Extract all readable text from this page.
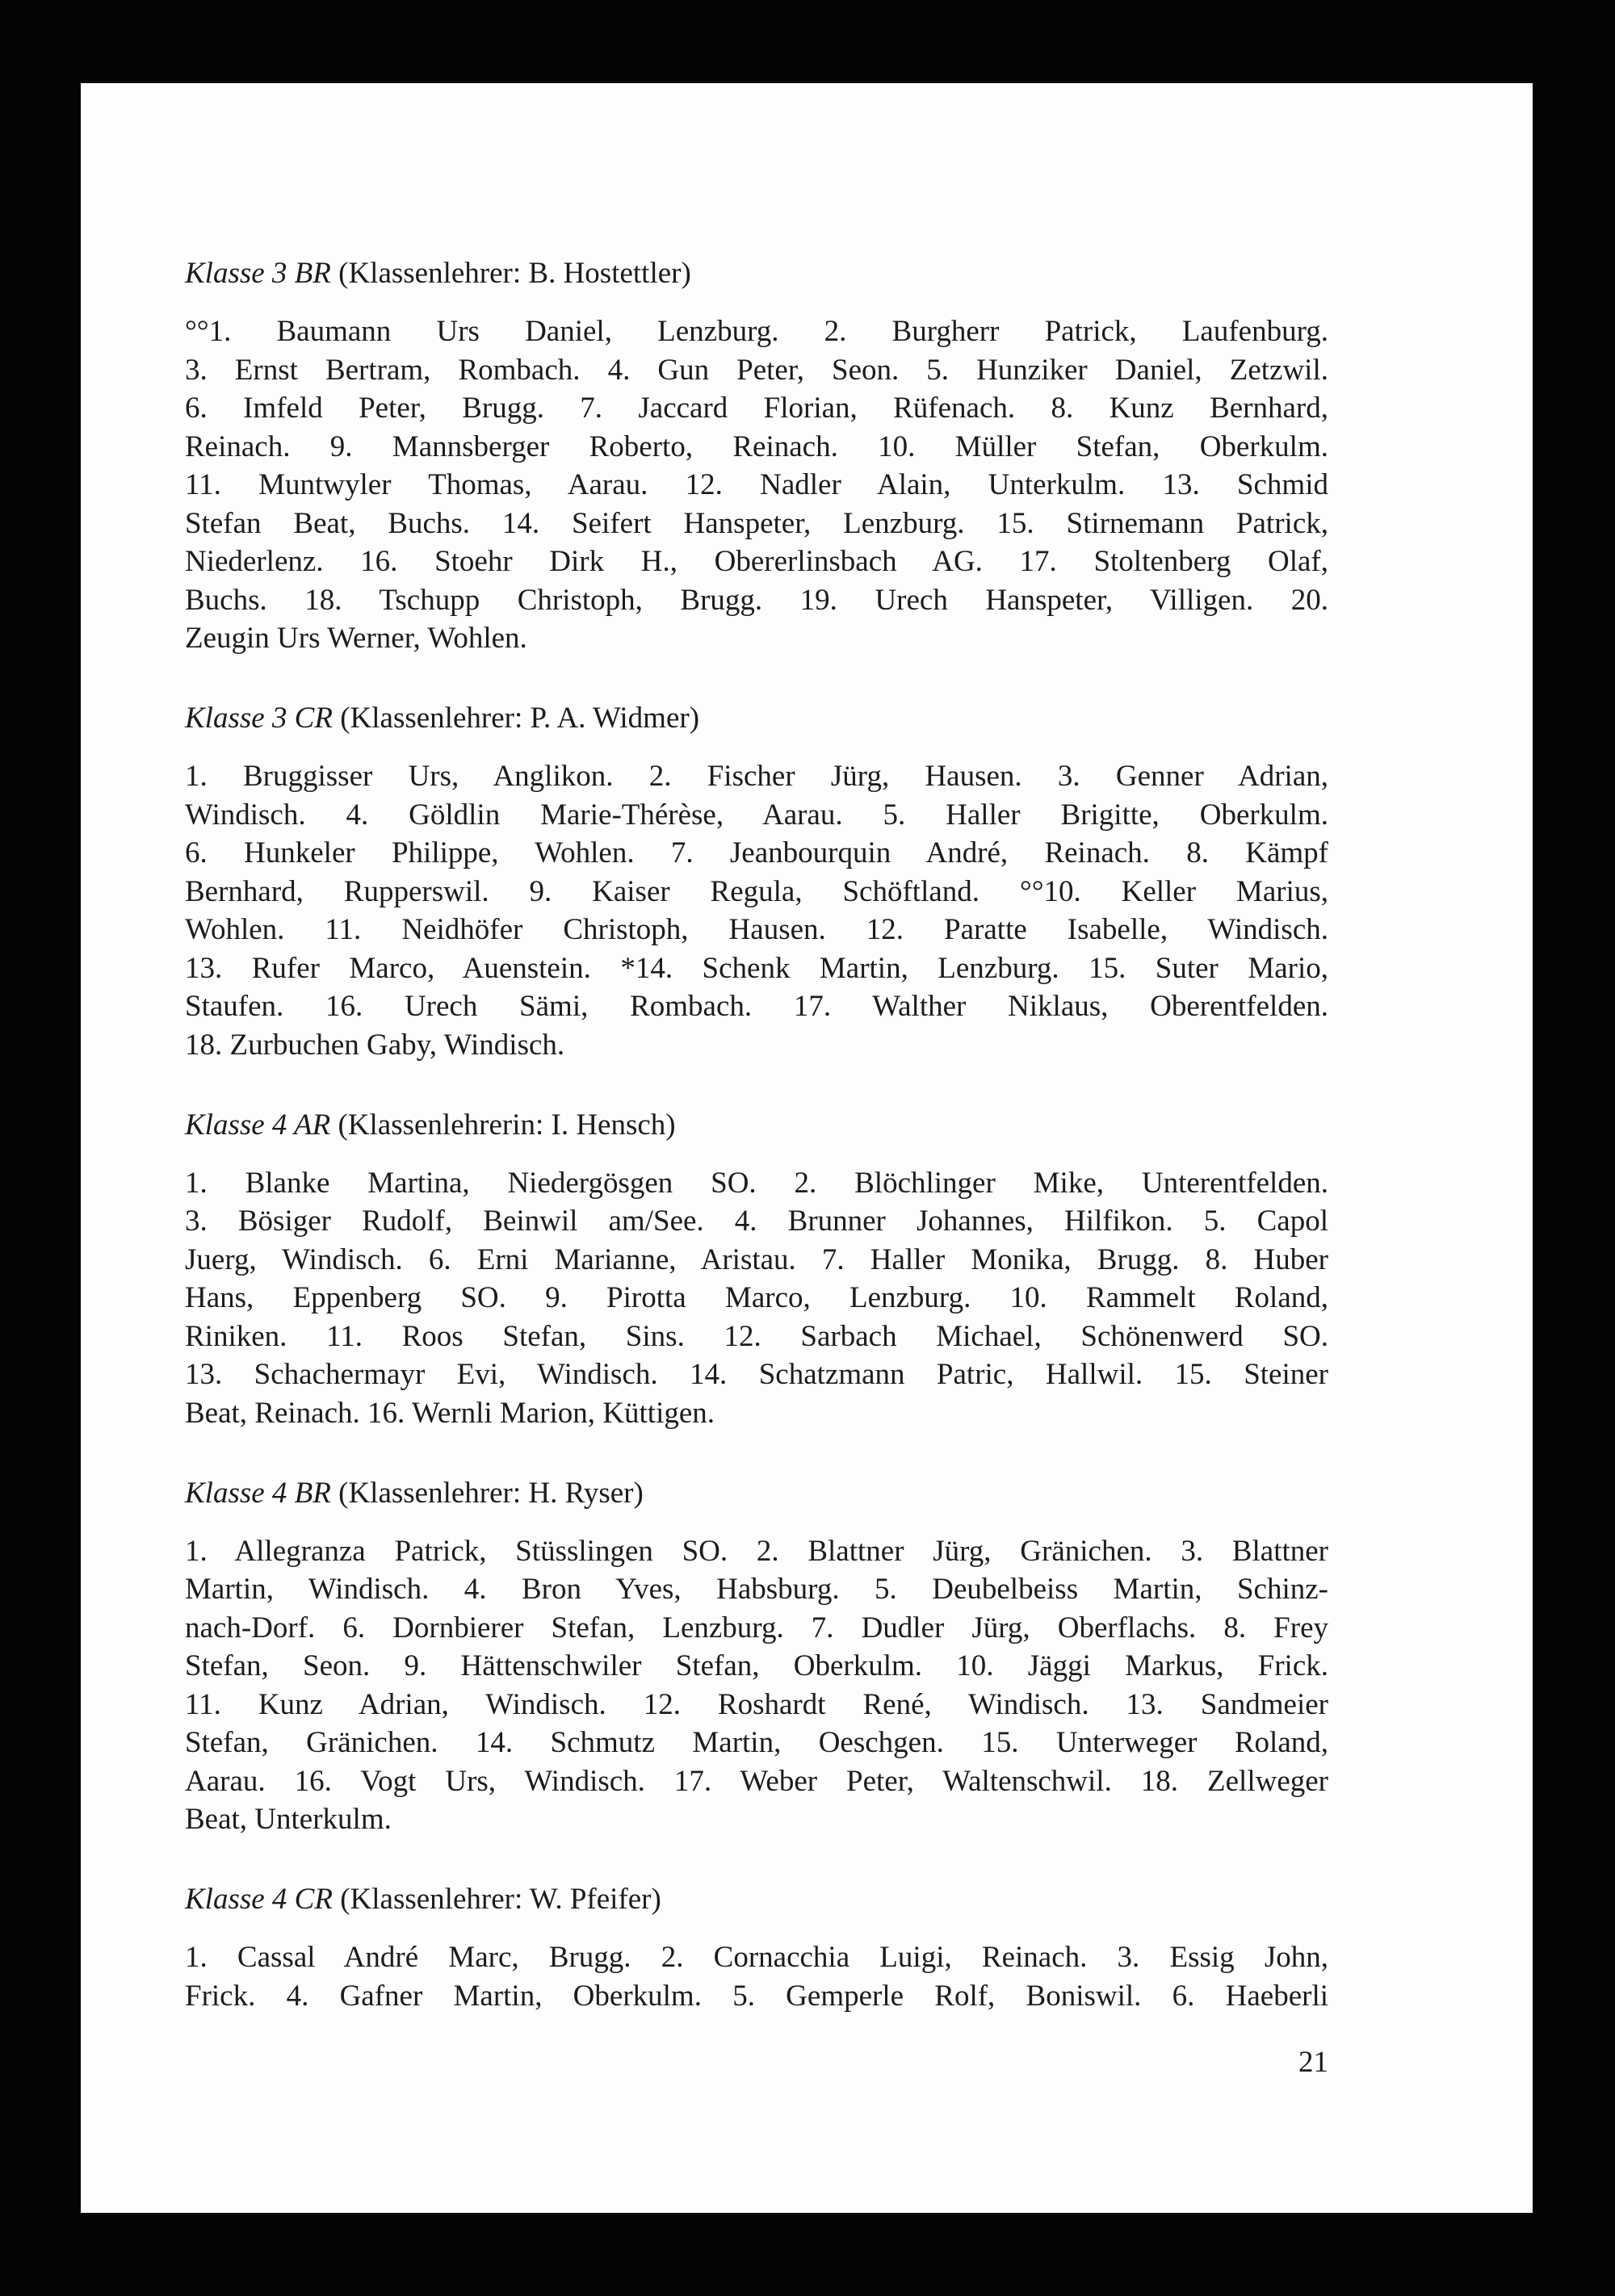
Klasse 3 BR (Klassenlehrer: B. Hostettler)
°°1. Baumann Urs Daniel, Lenzburg. 2. Burgherr Patrick, Laufenburg.
3. Ernst Bertram, Rombach. 4. Gun Peter, Seon. 5. Hunziker Daniel, Zetzwil.
6. Imfeld Peter, Brugg. 7. Jaccard Florian, Rüfenach. 8. Kunz Bernhard,
Reinach. 9. Mannsberger Roberto, Reinach. 10. Müller Stefan, Oberkulm.
11. Muntwyler Thomas, Aarau. 12. Nadler Alain, Unterkulm. 13. Schmid
Stefan Beat, Buchs. 14. Seifert Hanspeter, Lenzburg. 15. Stirnemann Patrick,
Niederlenz. 16. Stoehr Dirk H., Obererlinsbach AG. 17. Stoltenberg Olaf,
Buchs. 18. Tschupp Christoph, Brugg. 19. Urech Hanspeter, Villigen. 20.
Zeugin Urs Werner, Wohlen.
Klasse 3 CR (Klassenlehrer: P. A. Widmer)
1. Bruggisser Urs, Anglikon. 2. Fischer Jürg, Hausen. 3. Genner Adrian,
Windisch. 4. Göldlin Marie-Thérèse, Aarau. 5. Haller Brigitte, Oberkulm.
6. Hunkeler Philippe, Wohlen. 7. Jeanbourquin André, Reinach. 8. Kämpf
Bernhard, Rupperswil. 9. Kaiser Regula, Schöftland. °°10. Keller Marius,
Wohlen. 11. Neidhöfer Christoph, Hausen. 12. Paratte Isabelle, Windisch.
13. Rufer Marco, Auenstein. *14. Schenk Martin, Lenzburg. 15. Suter Mario,
Staufen. 16. Urech Sämi, Rombach. 17. Walther Niklaus, Oberentfelden.
18. Zurbuchen Gaby, Windisch.
Klasse 4 AR (Klassenlehrerin: I. Hensch)
1. Blanke Martina, Niedergösgen SO. 2. Blöchlinger Mike, Unterentfelden.
3. Bösiger Rudolf, Beinwil am/See. 4. Brunner Johannes, Hilfikon. 5. Capol
Juerg, Windisch. 6. Erni Marianne, Aristau. 7. Haller Monika, Brugg. 8. Huber
Hans, Eppenberg SO. 9. Pirotta Marco, Lenzburg. 10. Rammelt Roland,
Riniken. 11. Roos Stefan, Sins. 12. Sarbach Michael, Schönenwerd SO.
13. Schachermayr Evi, Windisch. 14. Schatzmann Patric, Hallwil. 15. Steiner
Beat, Reinach. 16. Wernli Marion, Küttigen.
Klasse 4 BR (Klassenlehrer: H. Ryser)
1. Allegranza Patrick, Stüsslingen SO. 2. Blattner Jürg, Gränichen. 3. Blattner
Martin, Windisch. 4. Bron Yves, Habsburg. 5. Deubelbeiss Martin, Schinz-
nach-Dorf. 6. Dornbierer Stefan, Lenzburg. 7. Dudler Jürg, Oberflachs. 8. Frey
Stefan, Seon. 9. Hättenschwiler Stefan, Oberkulm. 10. Jäggi Markus, Frick.
11. Kunz Adrian, Windisch. 12. Roshardt René, Windisch. 13. Sandmeier
Stefan, Gränichen. 14. Schmutz Martin, Oeschgen. 15. Unterweger Roland,
Aarau. 16. Vogt Urs, Windisch. 17. Weber Peter, Waltenschwil. 18. Zellweger
Beat, Unterkulm.
Klasse 4 CR (Klassenlehrer: W. Pfeifer)
1. Cassal André Marc, Brugg. 2. Cornacchia Luigi, Reinach. 3. Essig John,
Frick. 4. Gafner Martin, Oberkulm. 5. Gemperle Rolf, Boniswil. 6. Haeberli
21
